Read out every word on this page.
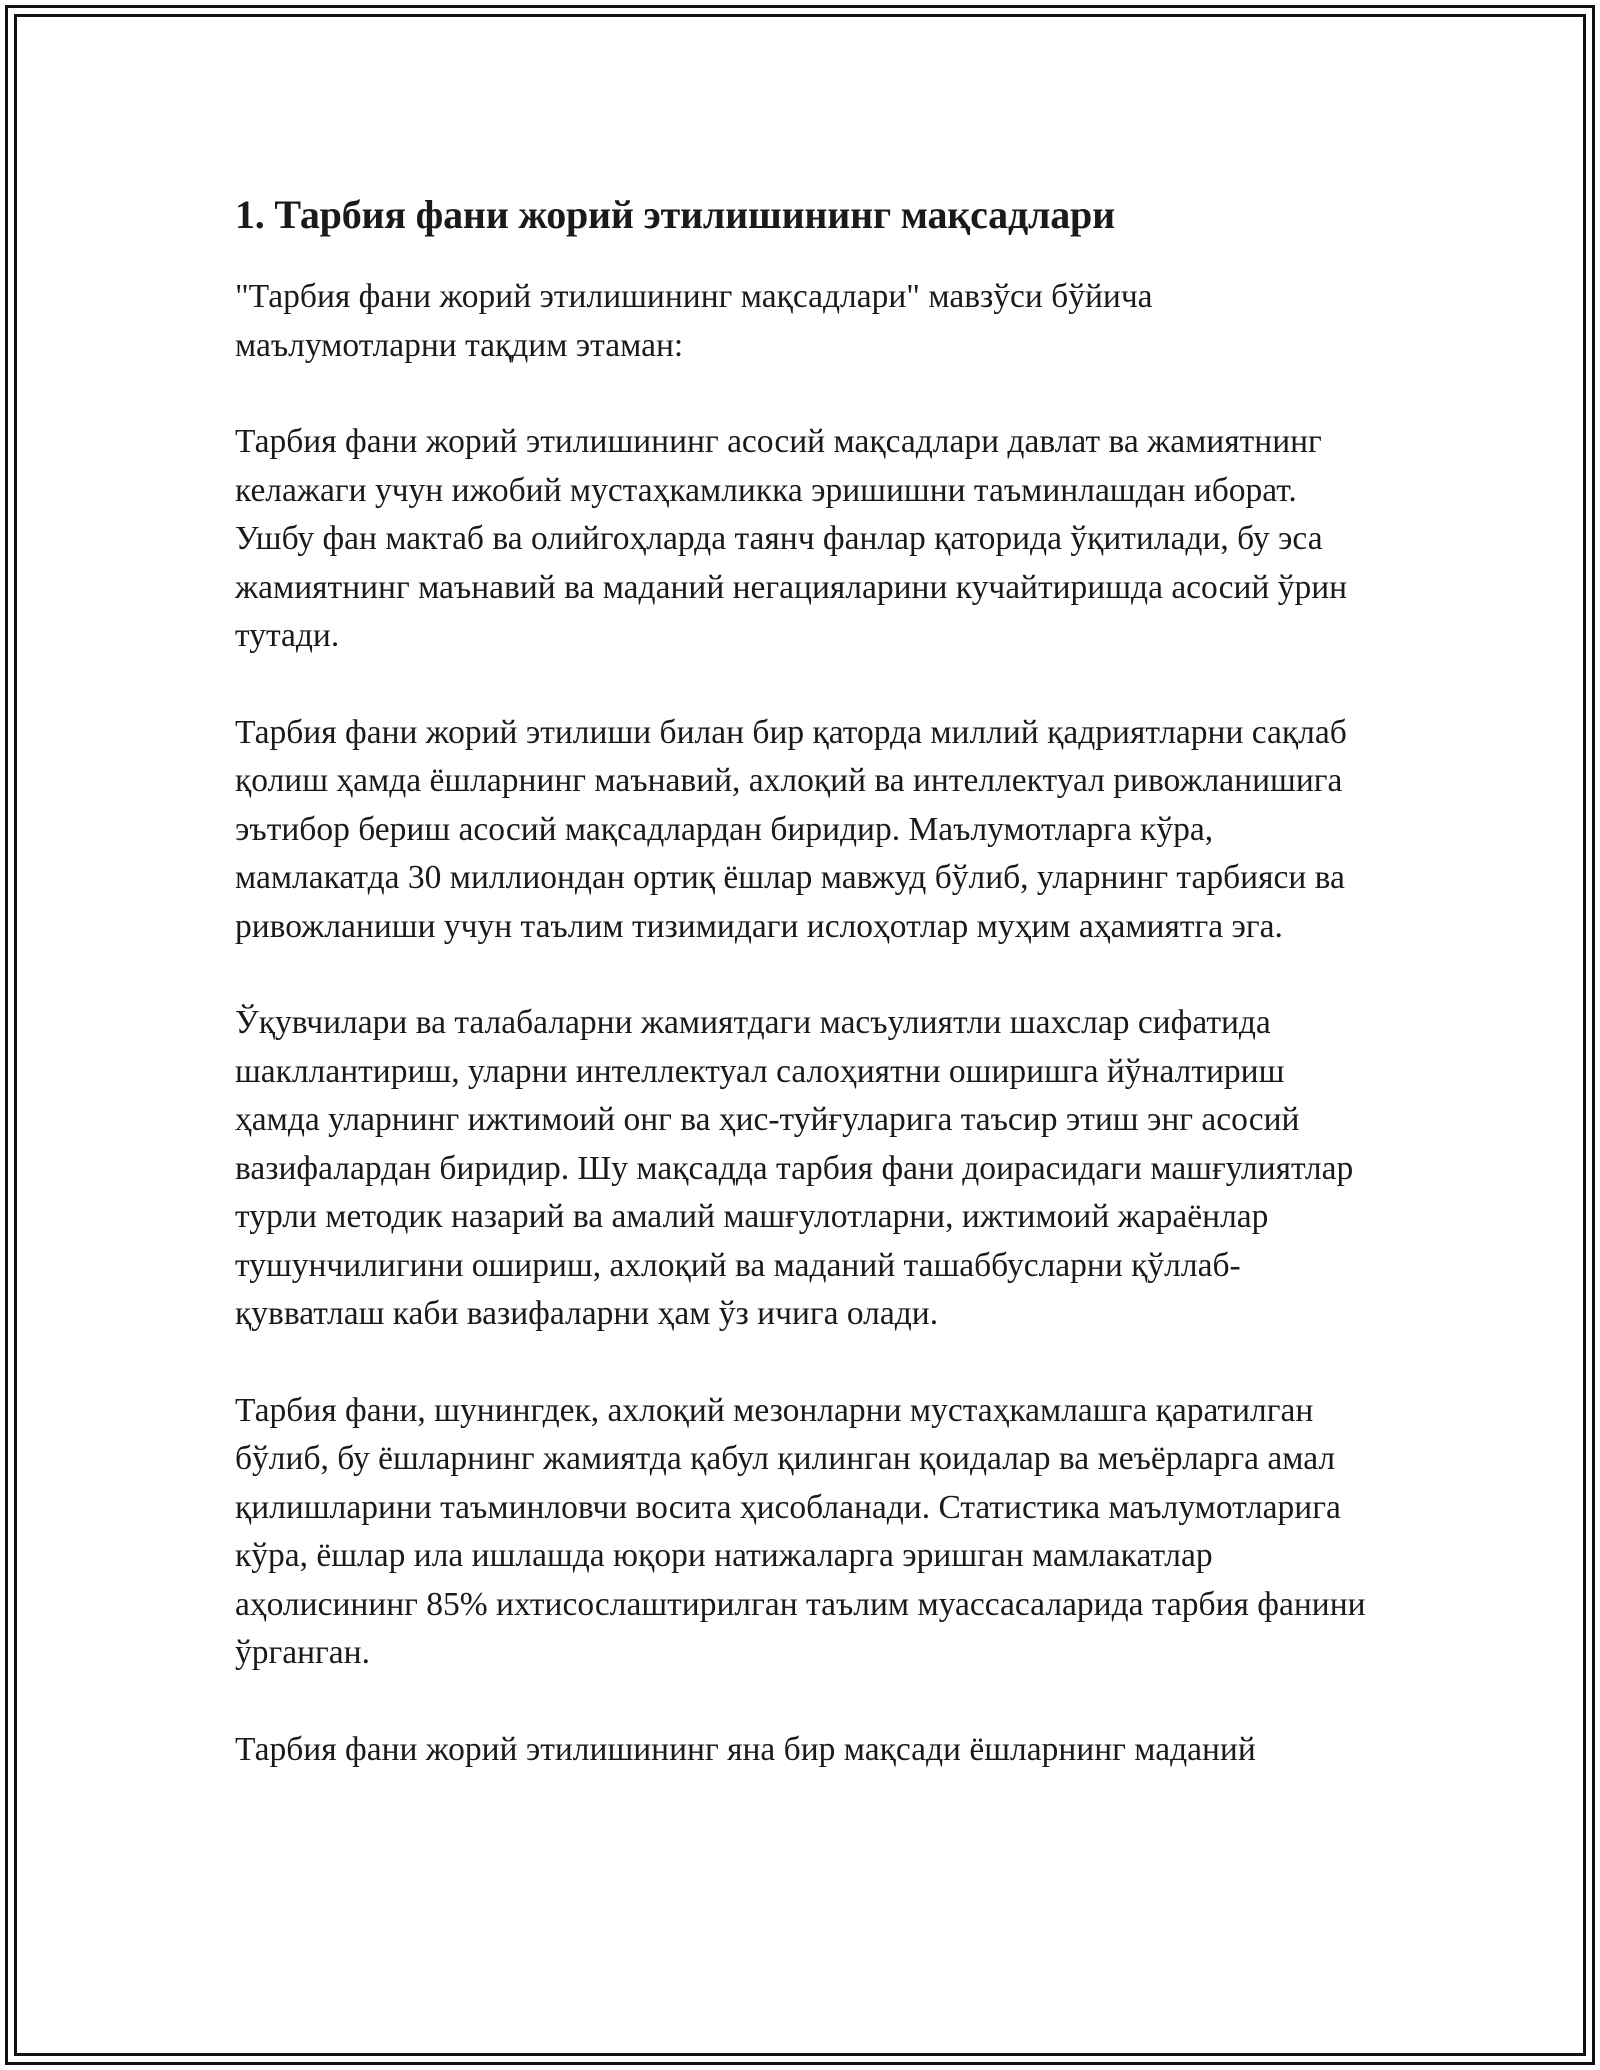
1. Тарбия фани жорий этилишининг мақсадлари

"Тарбия фани жорий этилишининг мақсадлари" мавзўси бўйича маълумотларни тақдим этаман:

Тарбия фани жорий этилишининг асосий мақсадлари давлат ва жамиятнинг келажаги учун ижобий мустаҳкамликка эришишни таъминлашдан иборат. Ушбу фан мактаб ва олийгоҳларда таянч фанлар қаторида ўқитилади, бу эса жамиятнинг маънавий ва маданий негацияларини кучайтиришда асосий ўрин тутади.

Тарбия фани жорий этилиши билан бир қаторда миллий қадриятларни сақлаб қолиш ҳамда ёшларнинг маънавий, ахлоқий ва интеллектуал ривожланишига эътибор бериш асосий мақсадлардан биридир. Маълумотларга кўра, мамлакатда 30 миллиондан ортиқ ёшлар мавжуд бўлиб, уларнинг тарбияси ва ривожланиши учун таълим тизимидаги ислоҳотлар муҳим аҳамиятга эга.

Ўқувчилари ва талабаларни жамиятдаги масъулиятли шахслар сифатида шакллантириш, уларни интеллектуал салоҳиятни оширишга йўналтириш ҳамда уларнинг ижтимоий онг ва ҳис-туйғуларига таъсир этиш энг асосий вазифалардан биридир. Шу мақсадда тарбия фани доирасидаги машғулиятлар турли методик назарий ва амалий машғулотларни, ижтимоий жараёнлар тушунчилигини ошириш, ахлоқий ва маданий ташаббусларни қўллаб-қувватлаш каби вазифаларни ҳам ўз ичига олади.

Тарбия фани, шунингдек, ахлоқий мезонларни мустаҳкамлашга қаратилган бўлиб, бу ёшларнинг жамиятда қабул қилинган қоидалар ва меъёрларга амал қилишларини таъминловчи восита ҳисобланади. Статистика маълумотларига кўра, ёшлар ила ишлашда юқори натижаларга эришган мамлакатлар аҳолисининг 85% ихтисослаштирилган таълим муассасаларида тарбия фанини ўрганган.

Тарбия фани жорий этилишининг яна бир мақсади ёшларнинг маданий
